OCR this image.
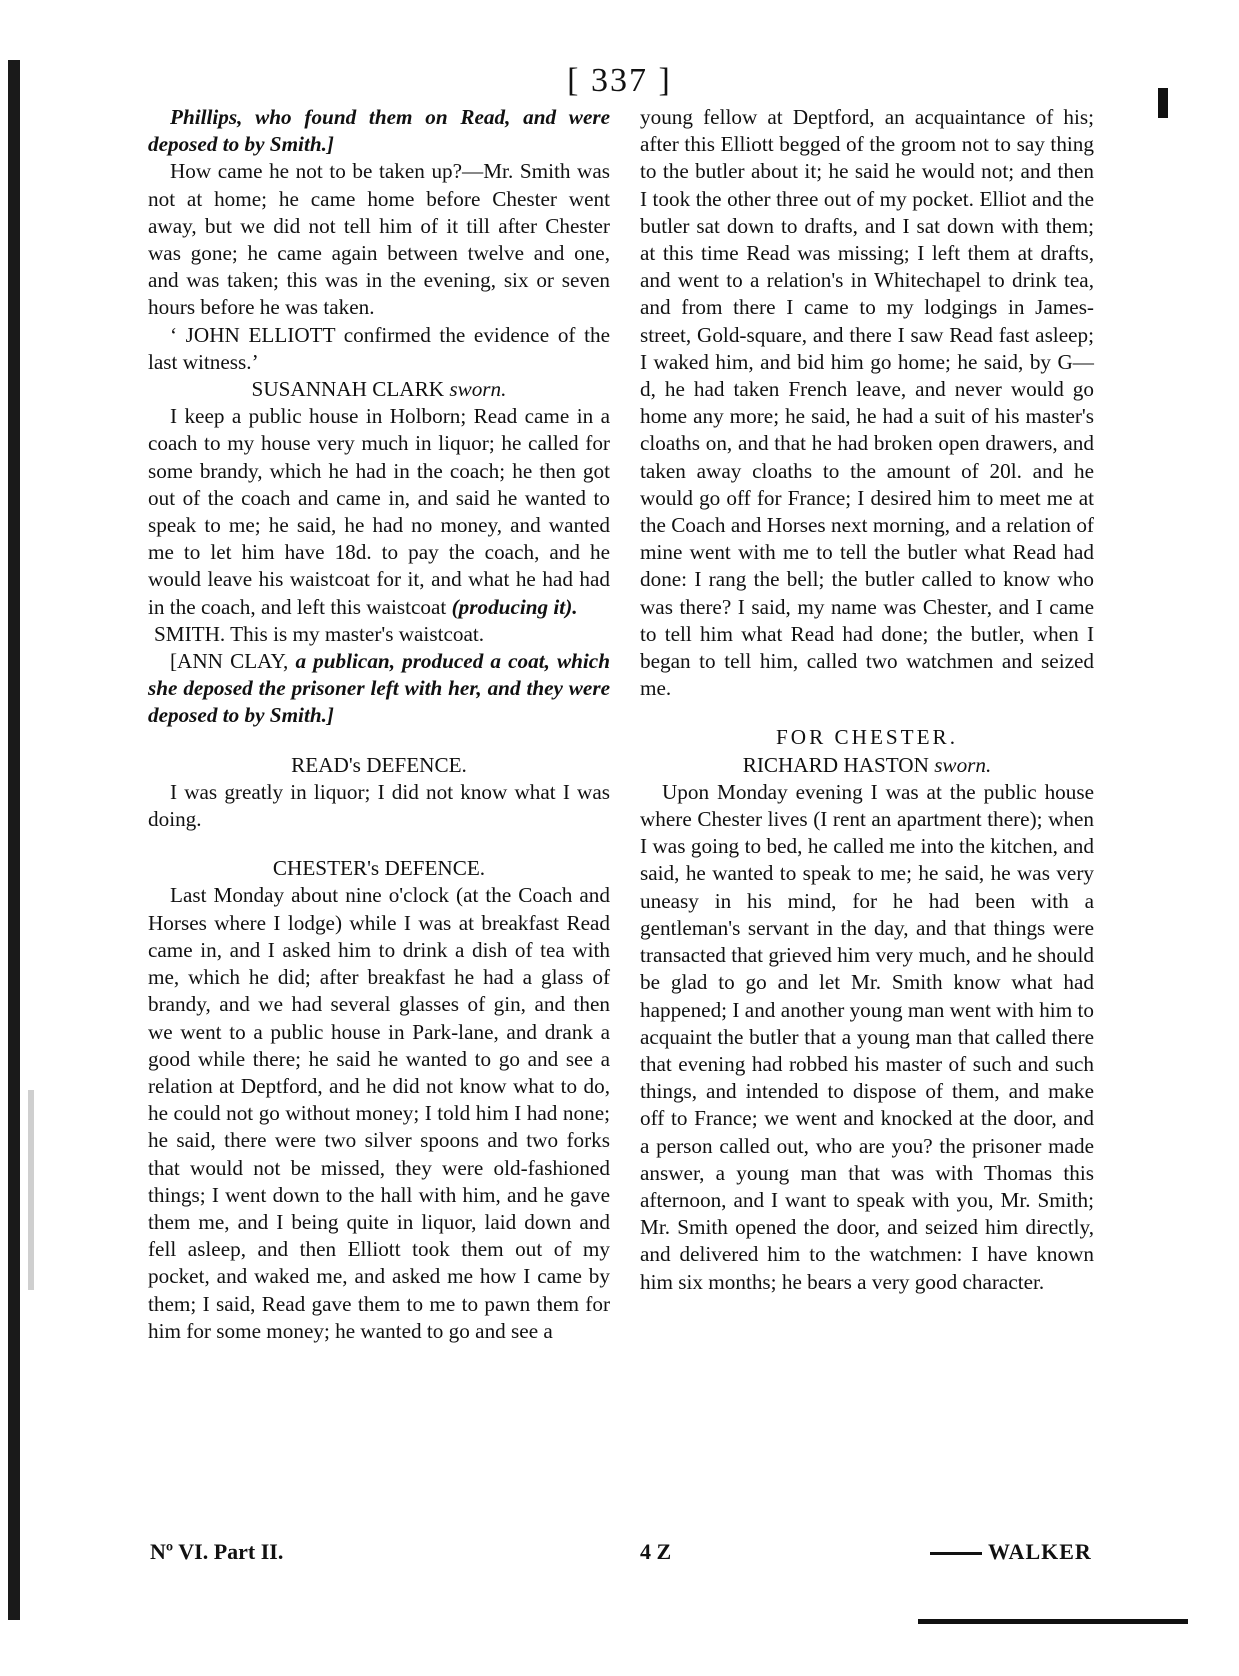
[ 337 ]

Phillips, who found them on Read, and were deposed to by Smith.]

How came he not to be taken up?—Mr. Smith was not at home; he came home before Chester went away, but we did not tell him of it till after Chester was gone; he came again between twelve and one, and was taken; this was in the evening, six or seven hours before he was taken.

‘ JOHN ELLIOTT confirmed the evidence of the last witness.’

SUSANNAH CLARK sworn.

I keep a public house in Holborn; Read came in a coach to my house very much in liquor; he called for some brandy, which he had in the coach; he then got out of the coach and came in, and said he wanted to speak to me; he said, he had no money, and wanted me to let him have 18d. to pay the coach, and he would leave his waistcoat for it, and what he had had in the coach, and left this waistcoat (producing it).

SMITH. This is my master's waistcoat.

[ANN CLAY, a publican, produced a coat, which she deposed the prisoner left with her, and they were deposed to by Smith.]

READ's DEFENCE.

I was greatly in liquor; I did not know what I was doing.

CHESTER's DEFENCE.

Last Monday about nine o'clock (at the Coach and Horses where I lodge) while I was at breakfast Read came in, and I asked him to drink a dish of tea with me, which he did; after breakfast he had a glass of brandy, and we had several glasses of gin, and then we went to a public house in Park-lane, and drank a good while there; he said he wanted to go and see a relation at Deptford, and he did not know what to do, he could not go without money; I told him I had none; he said, there were two silver spoons and two forks that would not be missed, they were old-fashioned things; I went down to the hall with him, and he gave them me, and I being quite in liquor, laid down and fell asleep, and then Elliott took them out of my pocket, and waked me, and asked me how I came by them; I said, Read gave them to me to pawn them for him for some money; he wanted to go and see a

young fellow at Deptford, an acquaintance of his; after this Elliott begged of the groom not to say thing to the butler about it; he said he would not; and then I took the other three out of my pocket. Elliot and the butler sat down to drafts, and I sat down with them; at this time Read was missing; I left them at drafts, and went to a relation's in Whitechapel to drink tea, and from there I came to my lodgings in James-street, Gold-square, and there I saw Read fast asleep; I waked him, and bid him go home; he said, by G—d, he had taken French leave, and never would go home any more; he said, he had a suit of his master's cloaths on, and that he had broken open drawers, and taken away cloaths to the amount of 20l. and he would go off for France; I desired him to meet me at the Coach and Horses next morning, and a relation of mine went with me to tell the butler what Read had done: I rang the bell; the butler called to know who was there? I said, my name was Chester, and I came to tell him what Read had done; the butler, when I began to tell him, called two watchmen and seized me.

FOR CHESTER.

RICHARD HASTON sworn.

Upon Monday evening I was at the public house where Chester lives (I rent an apartment there); when I was going to bed, he called me into the kitchen, and said, he wanted to speak to me; he said, he was very uneasy in his mind, for he had been with a gentleman's servant in the day, and that things were transacted that grieved him very much, and he should be glad to go and let Mr. Smith know what had happened; I and another young man went with him to acquaint the butler that a young man that called there that evening had robbed his master of such and such things, and intended to dispose of them, and make off to France; we went and knocked at the door, and a person called out, who are you? the prisoner made answer, a young man that was with Thomas this afternoon, and I want to speak with you, Mr. Smith; Mr. Smith opened the door, and seized him directly, and delivered him to the watchmen: I have known him six months; he bears a very good character.

Nº VI. Part II.	4 Z	WALKER
